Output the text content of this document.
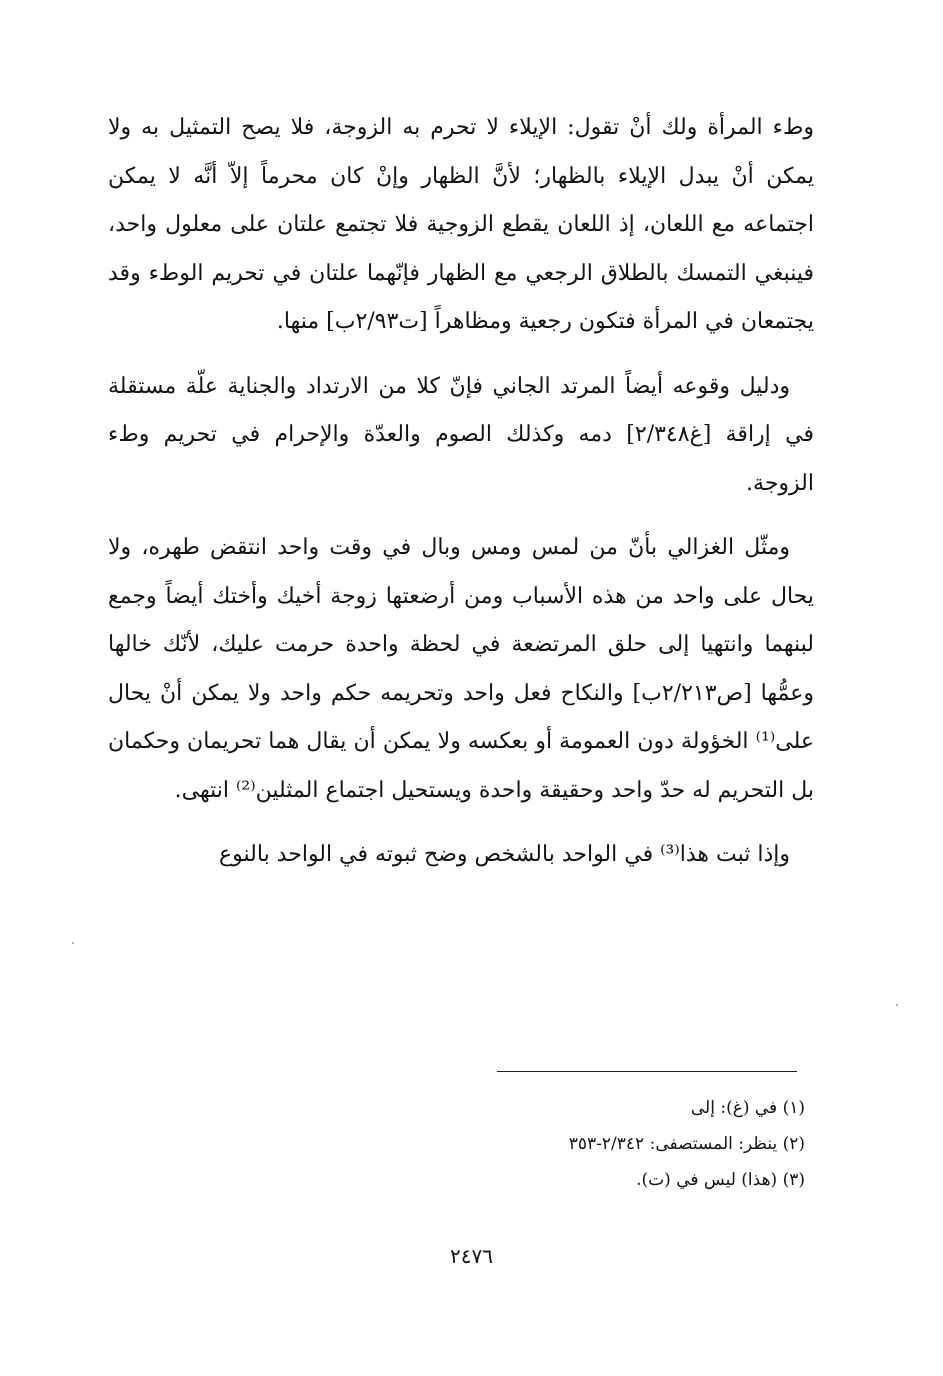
وطء المرأة ولك أنْ تقول: الإيلاء لا تحرم به الزوجة، فلا يصح التمثيل به ولا يمكن أنْ يبدل الإيلاء بالظهار؛ لأنَّ الظهار وإنْ كان محرماً إلاّ أنَّه لا يمكن اجتماعه مع اللعان، إذ اللعان يقطع الزوجية فلا تجتمع علتان على معلول واحد، فينبغي التمسك بالطلاق الرجعي مع الظهار فإنّهما علتان في تحريم الوطء وقد يجتمعان في المرأة فتكون رجعية ومظاهراً [ت٢/٩٣ب] منها.

ودليل وقوعه أيضاً المرتد الجاني فإنّ كلا من الارتداد والجناية علّة مستقلة في إراقة [غ٢/٣٤٨] دمه وكذلك الصوم والعدّة والإحرام في تحريم وطء الزوجة.

ومثّل الغزالي بأنّ من لمس ومس وبال في وقت واحد انتقض طهره، ولا يحال على واحد من هذه الأسباب ومن أرضعتها زوجة أخيك وأختك أيضاً وجمع لبنهما وانتهيا إلى حلق المرتضعة في لحظة واحدة حرمت عليك، لأنّك خالها وعمُّها [ص٢/٢١٣ب] والنكاح فعل واحد وتحريمه حكم واحد ولا يمكن أنْ يحال على⁽¹⁾ الخؤولة دون العمومة أو بعكسه ولا يمكن أن يقال هما تحريمان وحكمان بل التحريم له حدّ واحد وحقيقة واحدة ويستحيل اجتماع المثلين⁽²⁾ انتهى.

وإذا ثبت هذا⁽³⁾ في الواحد بالشخص وضح ثبوته في الواحد بالنوع

(١) في (غ): إلى

(٢) ينظر: المستصفى: ٢/٣٤٢-٣٥٣

(٣) (هذا) ليس في (ت).

٢٤٧٦
